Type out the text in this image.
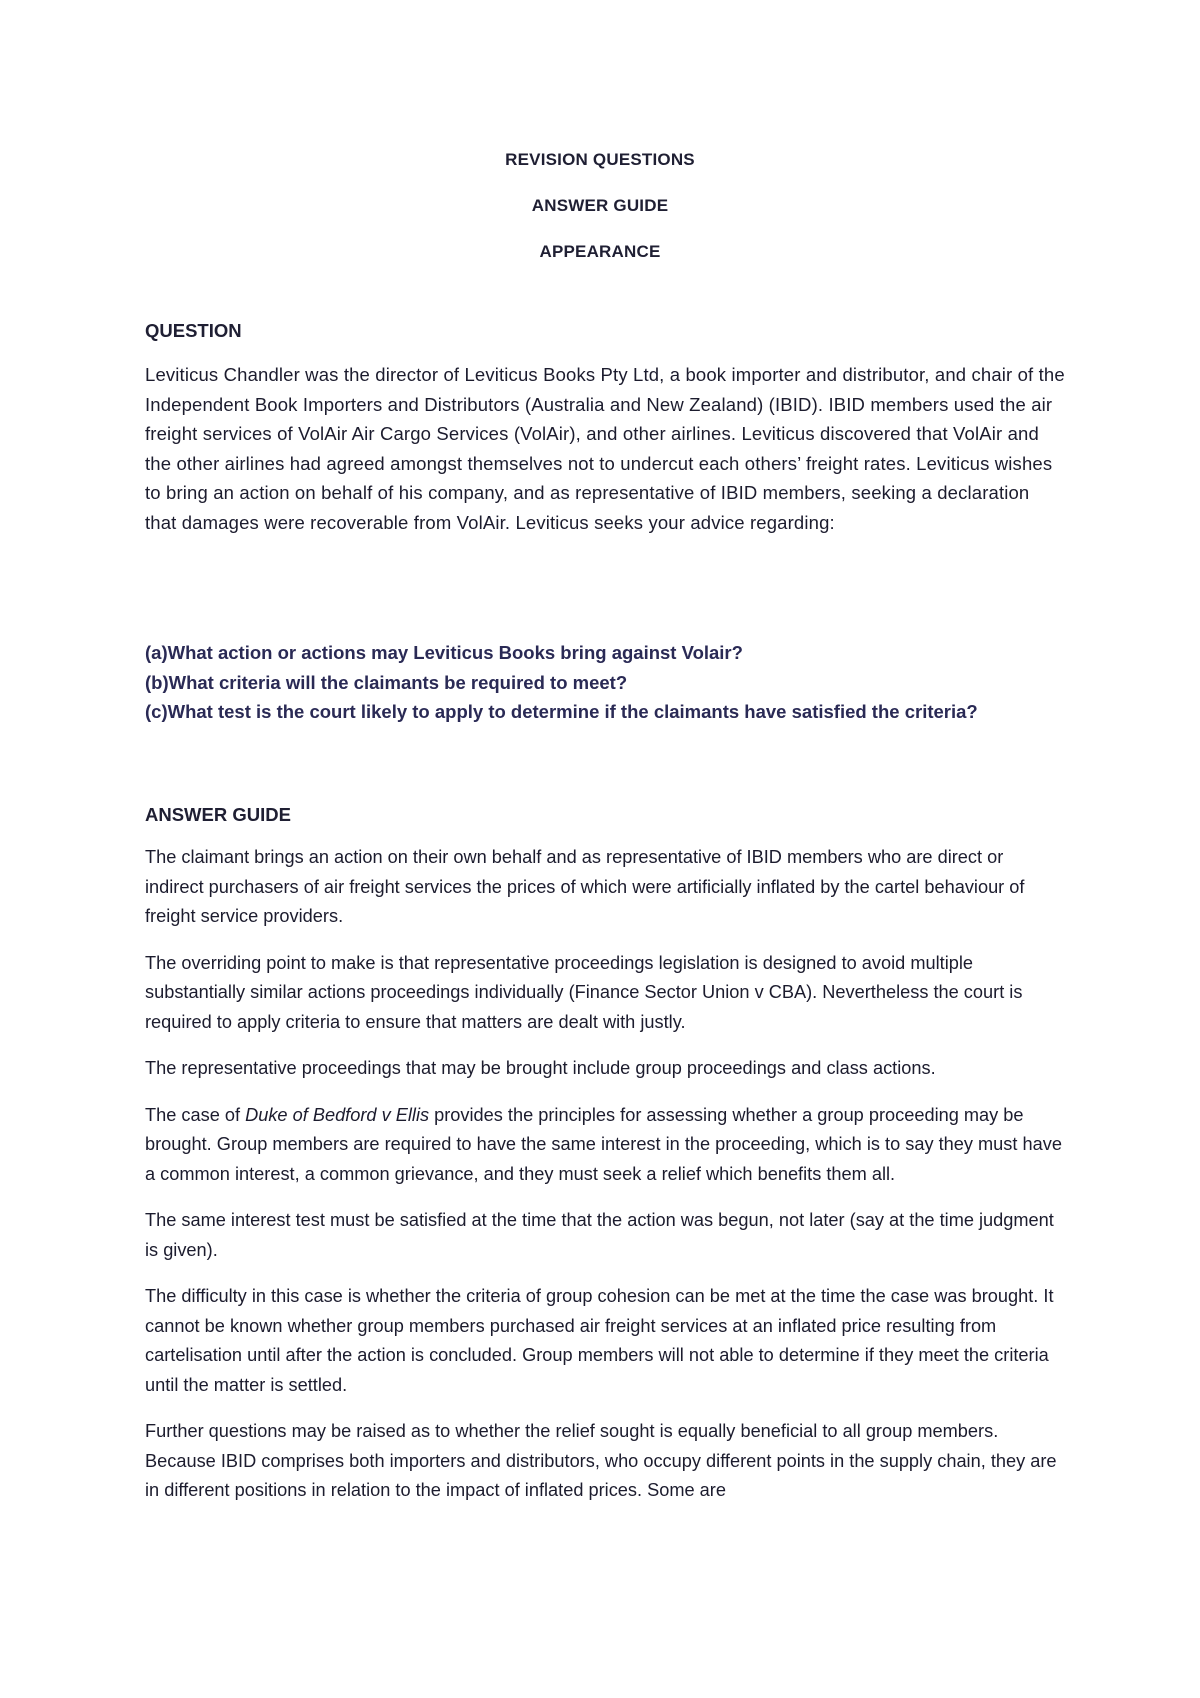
REVISION QUESTIONS
ANSWER GUIDE
APPEARANCE
QUESTION
Leviticus Chandler was the director of Leviticus Books Pty Ltd, a book importer and distributor, and chair of the Independent Book Importers and Distributors (Australia and New Zealand) (IBID). IBID members used the air freight services of VolAir Air Cargo Services (VolAir), and other airlines. Leviticus discovered that VolAir and the other airlines had agreed amongst themselves not to undercut each others’ freight rates. Leviticus wishes to bring an action on behalf of his company, and as representative of IBID members, seeking a declaration that damages were recoverable from VolAir. Leviticus seeks your advice regarding:
(a)What action or actions may Leviticus Books bring against Volair?
(b)What criteria will the claimants be required to meet?
(c)What test is the court likely to apply to determine if the claimants have satisfied the criteria?
ANSWER GUIDE

The claimant brings an action on their own behalf and as representative of IBID members who are direct or indirect purchasers of air freight services the prices of which were artificially inflated by the cartel behaviour of freight service providers.

The overriding point to make is that representative proceedings legislation is designed to avoid multiple substantially similar actions proceedings individually (Finance Sector Union v CBA). Nevertheless the court is required to apply criteria to ensure that matters are dealt with justly.

The representative proceedings that may be brought include group proceedings and class actions.

The case of Duke of Bedford v Ellis provides the principles for assessing whether a group proceeding may be brought. Group members are required to have the same interest in the proceeding, which is to say they must have a common interest, a common grievance, and they must seek a relief which benefits them all.

The same interest test must be satisfied at the time that the action was begun, not later (say at the time judgment is given).

The difficulty in this case is whether the criteria of group cohesion can be met at the time the case was brought. It cannot be known whether group members purchased air freight services at an inflated price resulting from cartelisation until after the action is concluded. Group members will not able to determine if they meet the criteria until the matter is settled.

Further questions may be raised as to whether the relief sought is equally beneficial to all group members. Because IBID comprises both importers and distributors, who occupy different points in the supply chain, they are in different positions in relation to the impact of inflated prices. Some are
